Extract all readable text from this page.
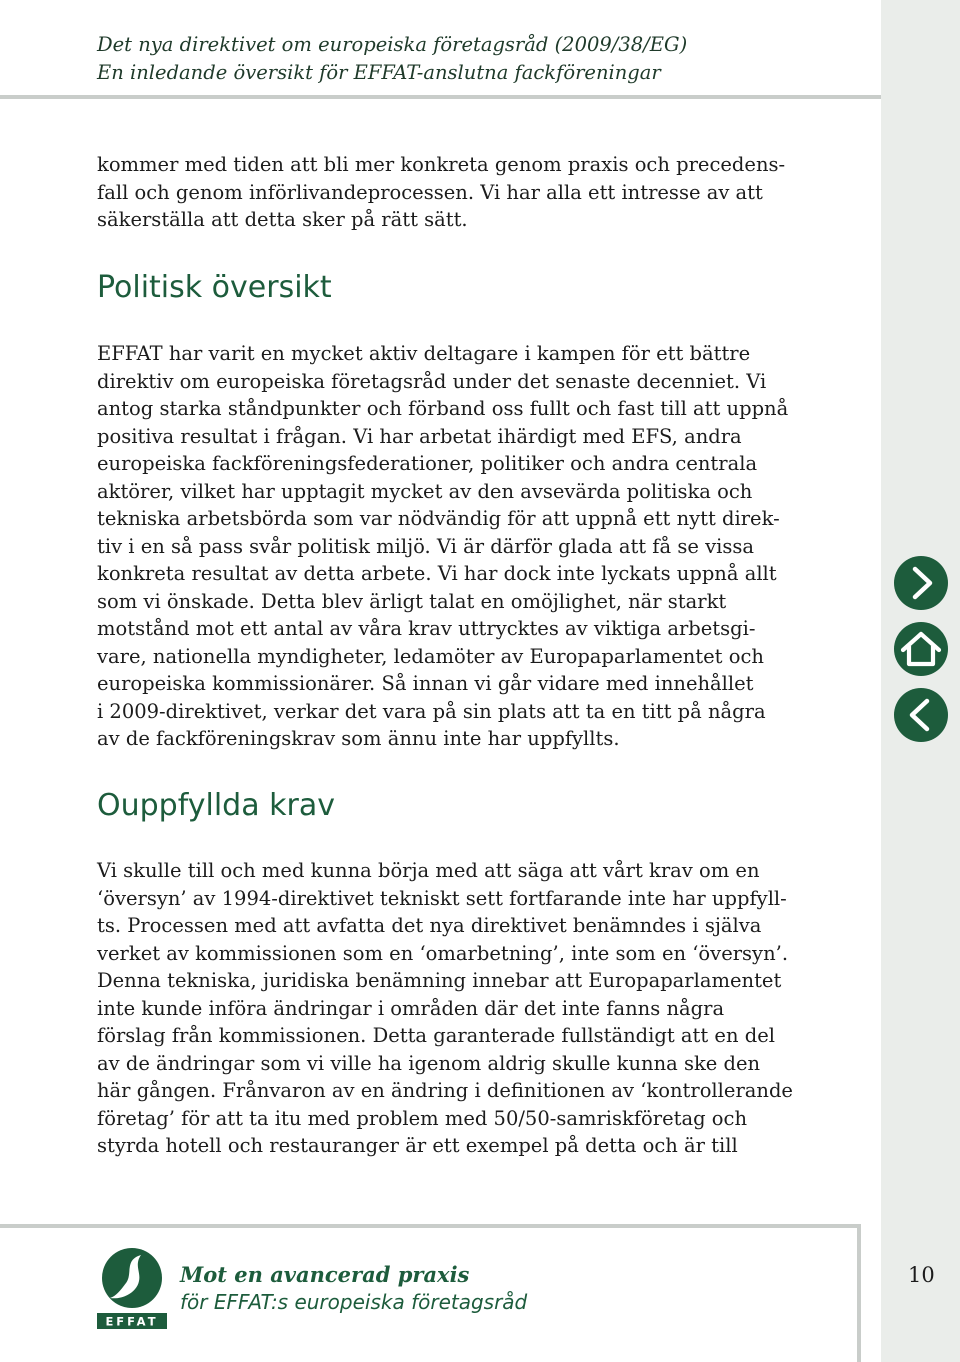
Det nya direktivet om europeiska företagsråd (2009/38/EG)
En inledande översikt för EFFAT-anslutna fackföreningar
kommer med tiden att bli mer konkreta genom praxis och precedens-
fall och genom införlivandeprocessen. Vi har alla ett intresse av att
säkerställa att detta sker på rätt sätt.
Politisk översikt
EFFAT har varit en mycket aktiv deltagare i kampen för ett bättre
direktiv om europeiska företagsråd under det senaste decenniet. Vi
antog starka ståndpunkter och förband oss fullt och fast till att uppnå
positiva resultat i frågan. Vi har arbetat ihärdigt med EFS, andra
europeiska fackföreningsfederationer, politiker och andra centrala
aktörer, vilket har upptagit mycket av den avsevärda politiska och
tekniska arbetsbörda som var nödvändig för att uppnå ett nytt direk-
tiv i en så pass svår politisk miljö. Vi är därför glada att få se vissa
konkreta resultat av detta arbete. Vi har dock inte lyckats uppnå allt
som vi önskade. Detta blev ärligt talat en omöjlighet, när starkt
motstånd mot ett antal av våra krav uttrycktes av viktiga arbetsgi-
vare, nationella myndigheter, ledamöter av Europaparlamentet och
europeiska kommissionärer. Så innan vi går vidare med innehållet
i 2009-direktivet, verkar det vara på sin plats att ta en titt på några
av de fackföreningskrav som ännu inte har uppfyllts.
Ouppfyllda krav
Vi skulle till och med kunna börja med att säga att vårt krav om en
‘översyn’ av 1994-direktivet tekniskt sett fortfarande inte har uppfyll-
ts. Processen med att avfatta det nya direktivet benämndes i själva
verket av kommissionen som en ‘omarbetning’, inte som en ‘översyn’.
Denna tekniska, juridiska benämning innebar att Europaparlamentet
inte kunde införa ändringar i områden där det inte fanns några
förslag från kommissionen. Detta garanterade fullständigt att en del
av de ändringar som vi ville ha igenom aldrig skulle kunna ske den
här gången. Frånvaron av en ändring i definitionen av ‘kontrollerande
företag’ för att ta itu med problem med 50/50-samriskföretag och
styrda hotell och restauranger är ett exempel på detta och är till
EFFAT
Mot en avancerad praxis
för EFFAT:s europeiska företagsråd
10
